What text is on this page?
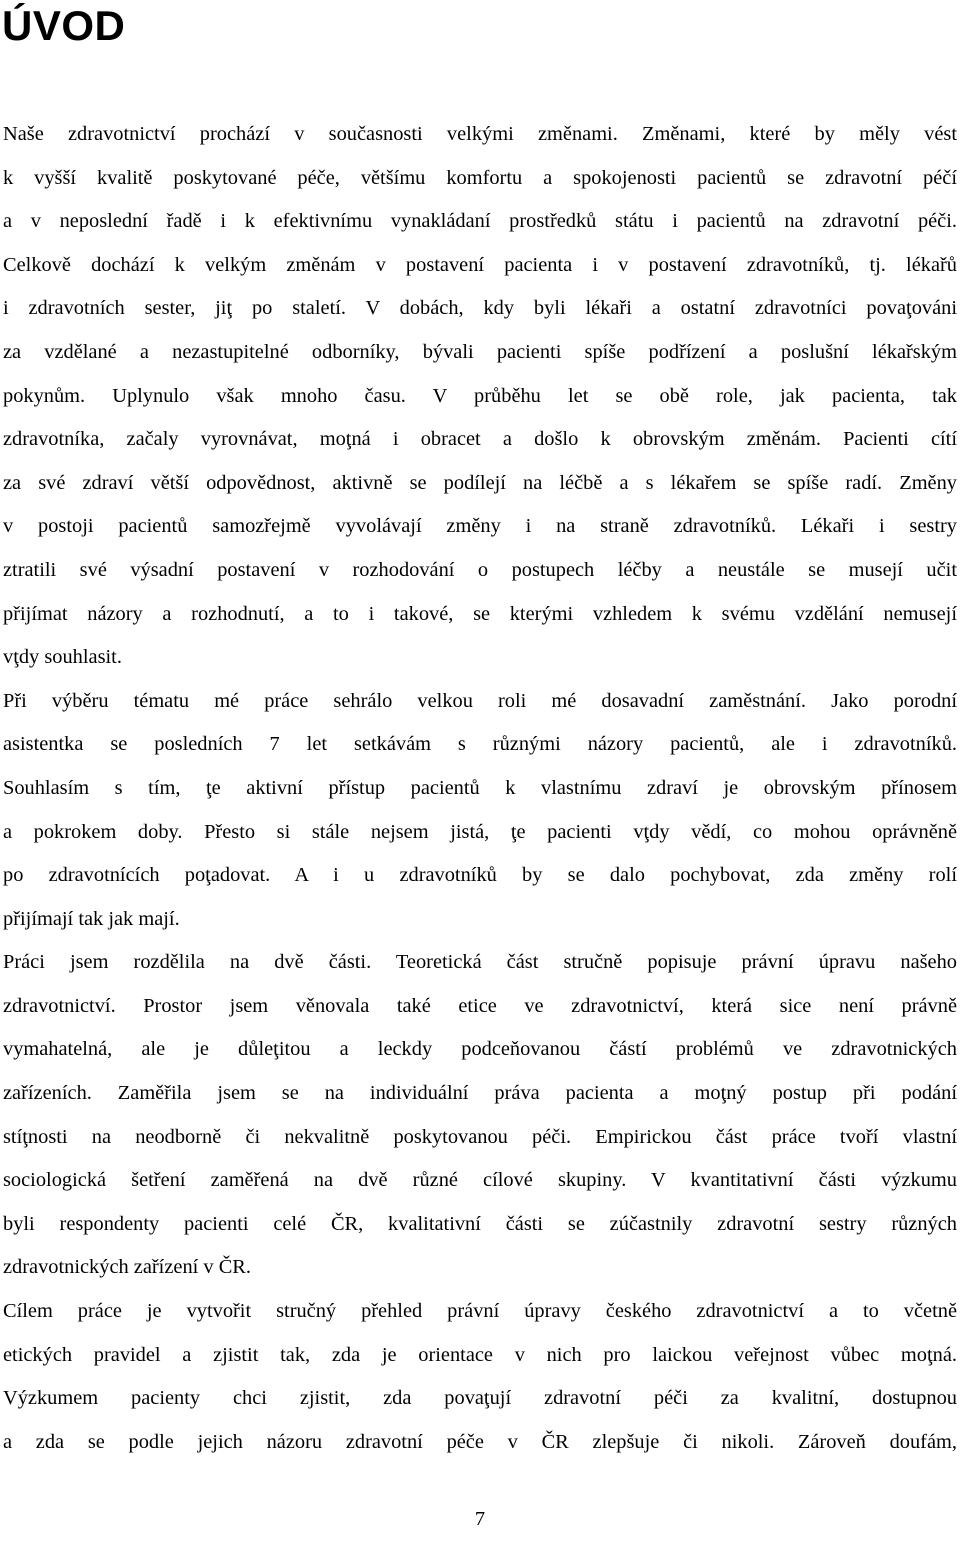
ÚVOD

Naše zdravotnictví prochází v současnosti velkými změnami. Změnami, které by měly vést
k vyšší kvalitě poskytované péče, většímu komfortu a spokojenosti pacientů se zdravotní péčí
a v neposlední řadě i k efektivnímu vynakládaní prostředků státu i pacientů na zdravotní péči.
Celkově dochází k velkým změnám v postavení pacienta i v postavení zdravotníků, tj. lékařů
i zdravotních sester, jiţ po staletí. V dobách, kdy byli lékaři a ostatní zdravotníci povaţováni
za vzdělané a nezastupitelné odborníky, bývali pacienti spíše podřízení a poslušní lékařským
pokynům. Uplynulo však mnoho času. V průběhu let se obě role, jak pacienta, tak
zdravotníka, začaly vyrovnávat, moţná i obracet a došlo k obrovským změnám. Pacienti cítí
za své zdraví větší odpovědnost, aktivně se podílejí na léčbě a s lékařem se spíše radí. Změny
v postoji pacientů samozřejmě vyvolávají změny i na straně zdravotníků. Lékaři i sestry
ztratili své výsadní postavení v rozhodování o postupech léčby a neustále se musejí učit
přijímat názory a rozhodnutí, a to i takové, se kterými vzhledem k svému vzdělání nemusejí
vţdy souhlasit.

Při výběru tématu mé práce sehrálo velkou roli mé dosavadní zaměstnání. Jako porodní
asistentka se posledních 7 let setkávám s různými názory pacientů, ale i zdravotníků.
Souhlasím s tím, ţe aktivní přístup pacientů k vlastnímu zdraví je obrovským přínosem
a pokrokem doby. Přesto si stále nejsem jistá, ţe pacienti vţdy vědí, co mohou oprávněně
po zdravotnících poţadovat. A i u zdravotníků by se dalo pochybovat, zda změny rolí
přijímají tak jak mají.

Práci jsem rozdělila na dvě části. Teoretická část stručně popisuje právní úpravu našeho
zdravotnictví. Prostor jsem věnovala také etice ve zdravotnictví, která sice není právně
vymahatelná, ale je důleţitou a leckdy podceňovanou částí problémů ve zdravotnických
zařízeních. Zaměřila jsem se na individuální práva pacienta a moţný postup při podání
stíţnosti na neodborně či nekvalitně poskytovanou péči. Empirickou část práce tvoří vlastní
sociologická šetření zaměřená na dvě různé cílové skupiny. V kvantitativní části výzkumu
byli respondenty pacienti celé ČR, kvalitativní části se zúčastnily zdravotní sestry různých
zdravotnických zařízení v ČR.

Cílem práce je vytvořit stručný přehled právní úpravy českého zdravotnictví a to včetně
etických pravidel a zjistit tak, zda je orientace v nich pro laickou veřejnost vůbec moţná.
Výzkumem pacienty chci zjistit, zda povaţují zdravotní péči za kvalitní, dostupnou
a zda se podle jejich názoru zdravotní péče v ČR zlepšuje či nikoli. Zároveň doufám,

7
